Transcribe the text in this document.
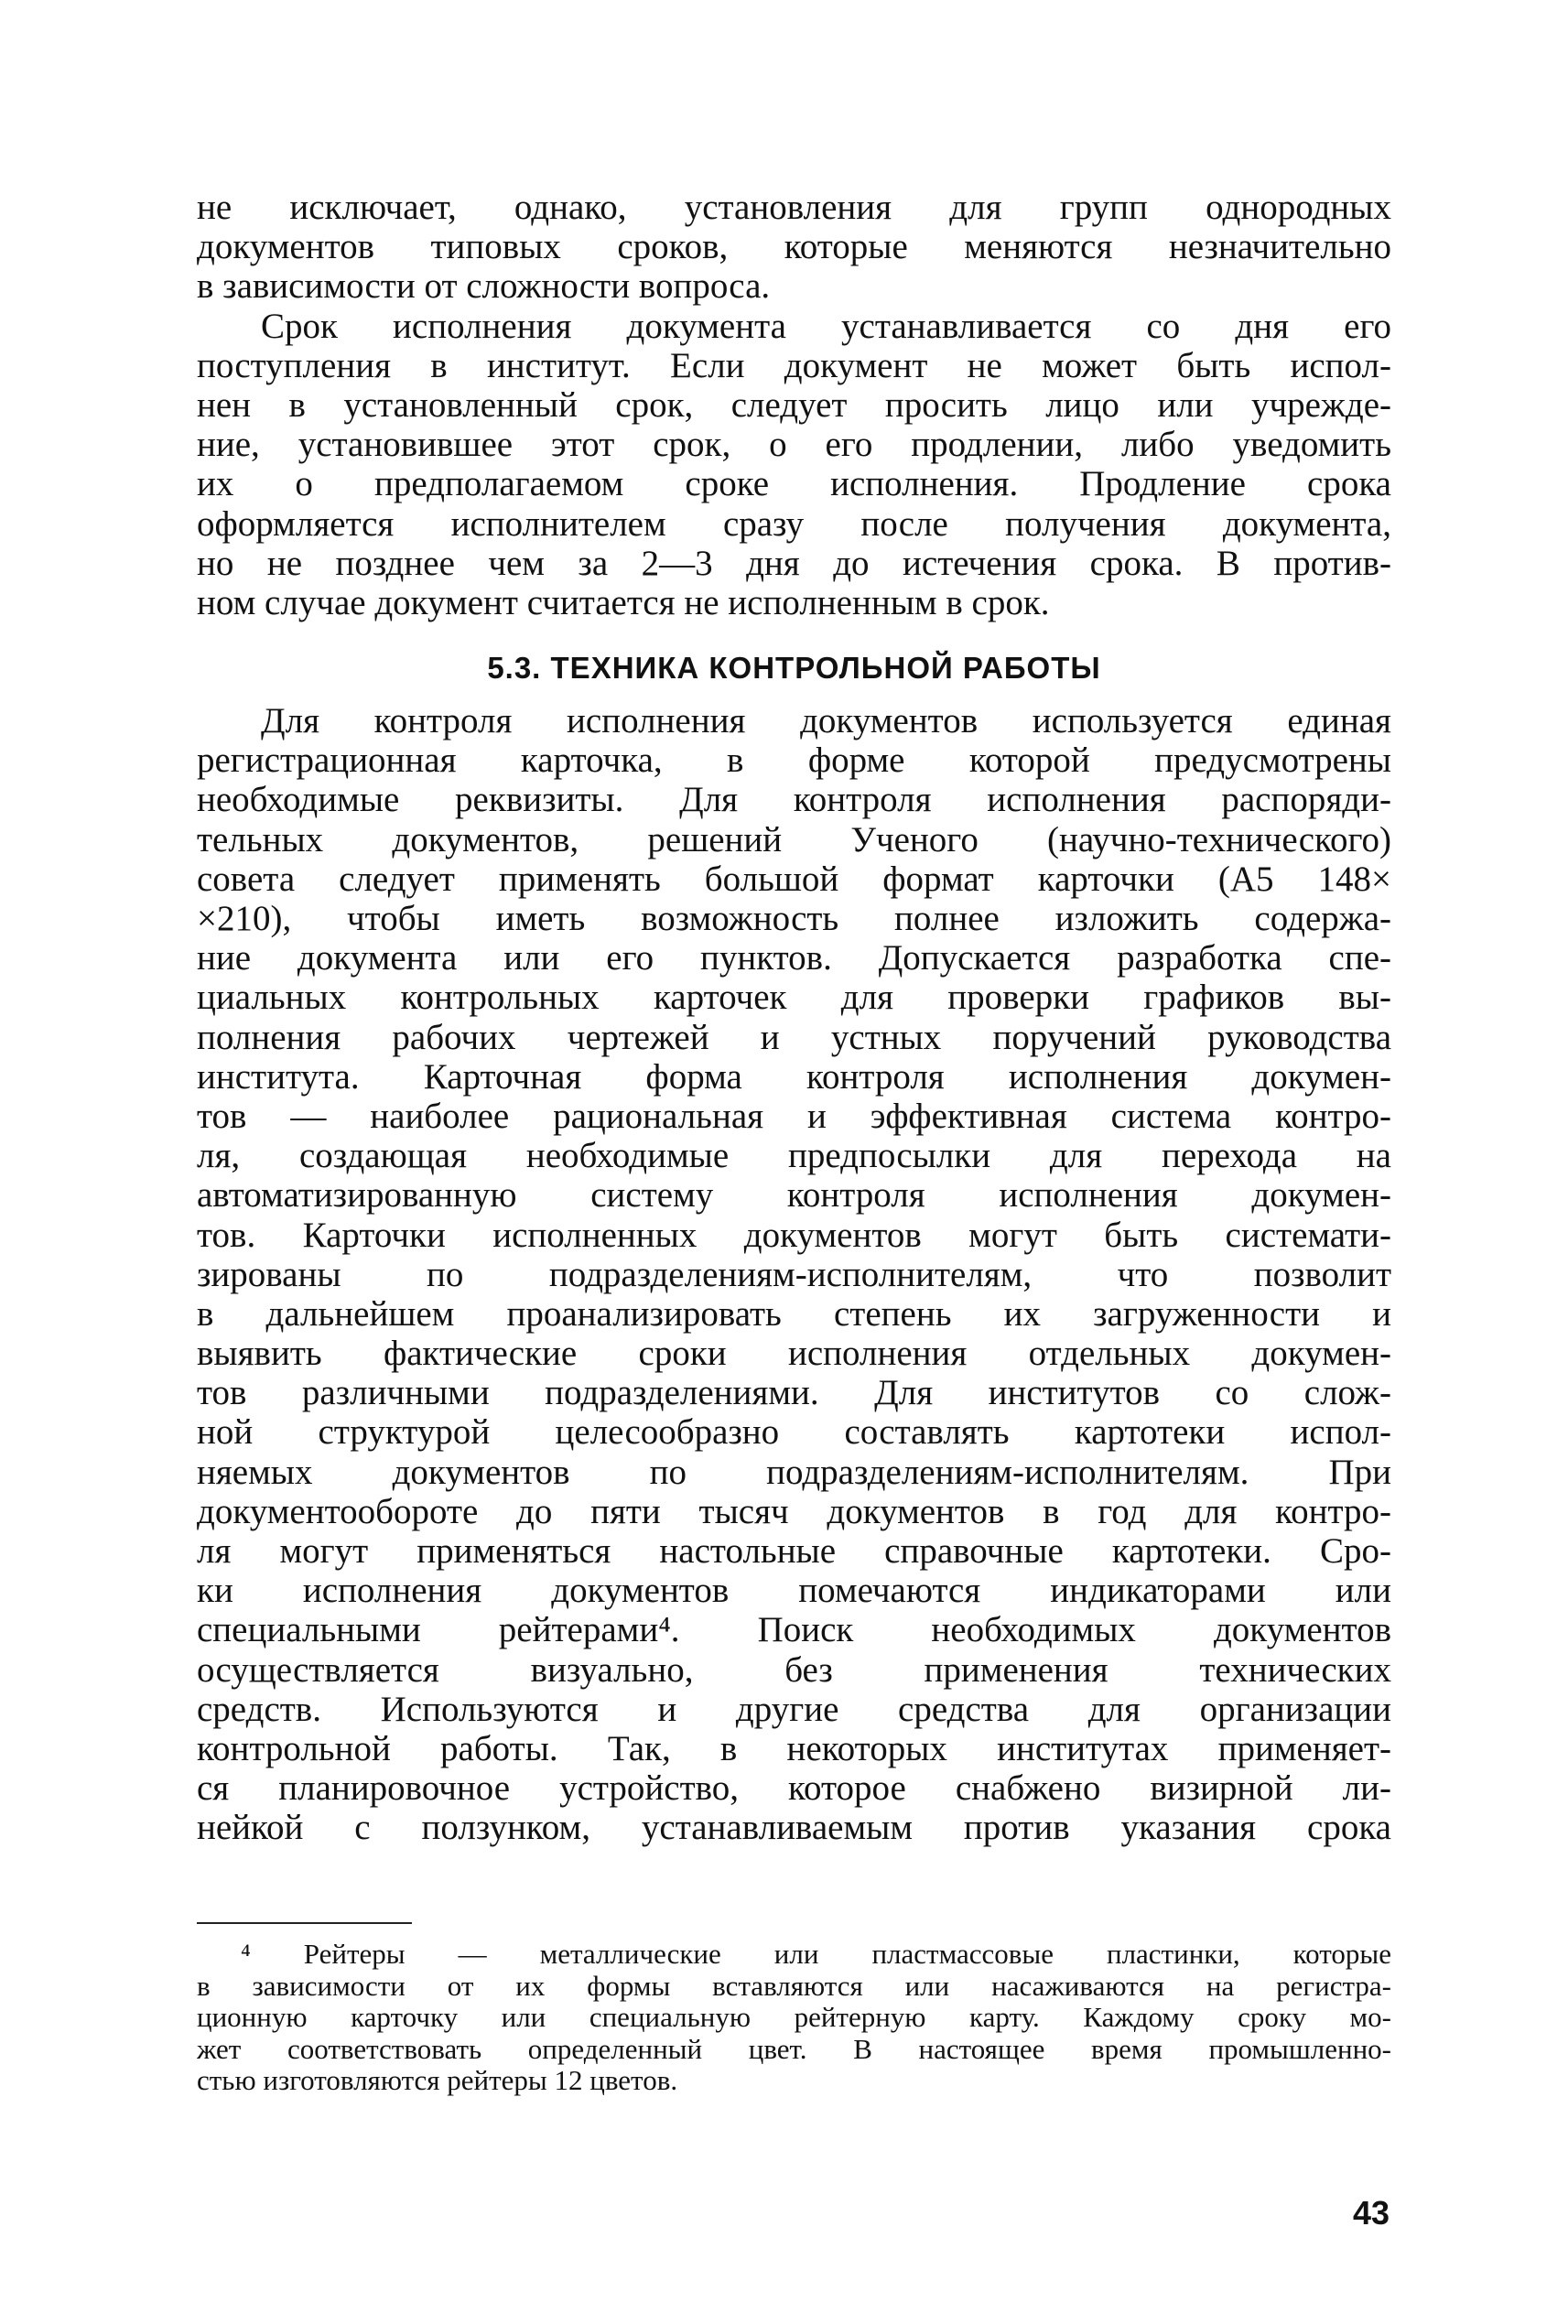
не исключает, однако, установления для групп однородных
документов типовых сроков, которые меняются незначительно
в зависимости от сложности вопроса.
Срок исполнения документа устанавливается со дня его
поступления в институт. Если документ не может быть испол-
нен в установленный срок, следует просить лицо или учрежде-
ние, установившее этот срок, о его продлении, либо уведомить
их о предполагаемом сроке исполнения. Продление срока
оформляется исполнителем сразу после получения документа,
но не позднее чем за 2—3 дня до истечения срока. В против-
ном случае документ считается не исполненным в срок.
5.3. ТЕХНИКА КОНТРОЛЬНОЙ РАБОТЫ
Для контроля исполнения документов используется единая
регистрационная карточка, в форме которой предусмотрены
необходимые реквизиты. Для контроля исполнения распоряди-
тельных документов, решений Ученого (научно-технического)
совета следует применять большой формат карточки (А5 148×
×210), чтобы иметь возможность полнее изложить содержа-
ние документа или его пунктов. Допускается разработка спе-
циальных контрольных карточек для проверки графиков вы-
полнения рабочих чертежей и устных поручений руководства
института. Карточная форма контроля исполнения докумен-
тов — наиболее рациональная и эффективная система контро-
ля, создающая необходимые предпосылки для перехода на
автоматизированную систему контроля исполнения докумен-
тов. Карточки исполненных документов могут быть системати-
зированы по подразделениям-исполнителям, что позволит
в дальнейшем проанализировать степень их загруженности и
выявить фактические сроки исполнения отдельных докумен-
тов различными подразделениями. Для институтов со слож-
ной структурой целесообразно составлять картотеки испол-
няемых документов по подразделениям-исполнителям. При
документообороте до пяти тысяч документов в год для контро-
ля могут применяться настольные справочные картотеки. Сро-
ки исполнения документов помечаются индикаторами или
специальными рейтерами⁴. Поиск необходимых документов
осуществляется визуально, без применения технических
средств. Используются и другие средства для организации
контрольной работы. Так, в некоторых институтах применяет-
ся планировочное устройство, которое снабжено визирной ли-
нейкой с ползунком, устанавливаемым против указания срока
⁴ Рейтеры — металлические или пластмассовые пластинки, которые
в зависимости от их формы вставляются или насаживаются на регистра-
ционную карточку или специальную рейтерную карту. Каждому сроку мо-
жет соответствовать определенный цвет. В настоящее время промышленно-
стью изготовляются рейтеры 12 цветов.
43
